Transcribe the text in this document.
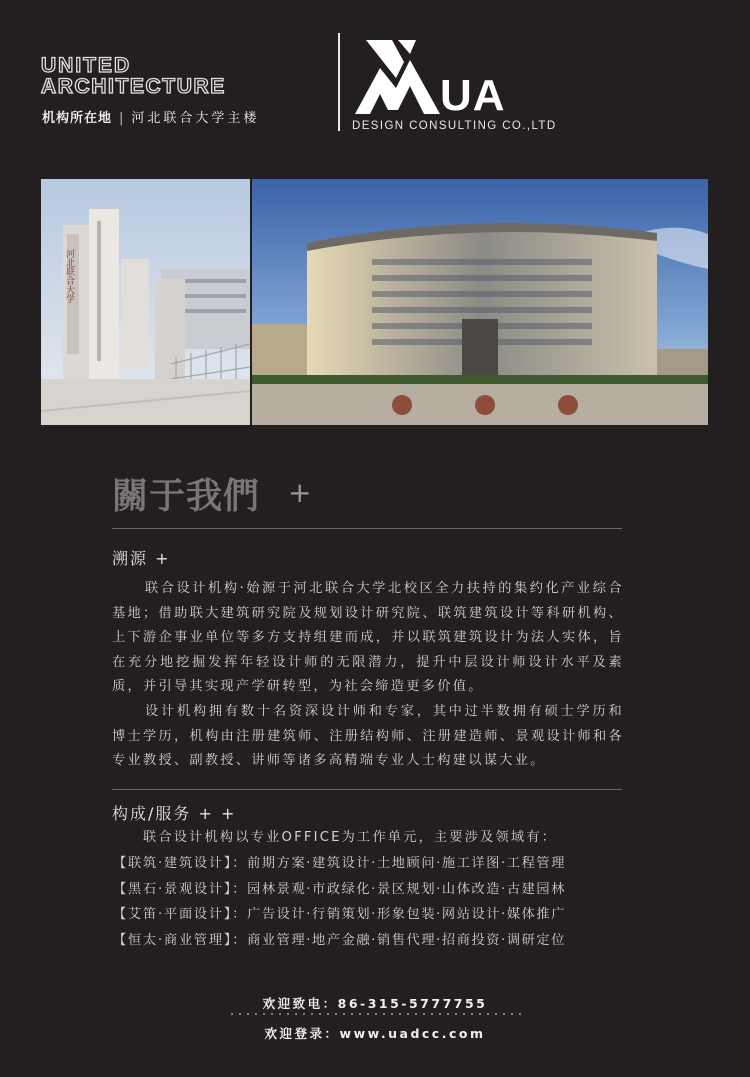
UNITED
ARCHITECTURE
机构所在地 | 河北联合大学主楼	UA
DESIGN CONSULTING CO.,LTD
河北联合大学
關于我們 +
溯源 +

联合设计机构·始源于河北联合大学北校区全力扶持的集约化产业综合基地；借助联大建筑研究院及规划设计研究院、联筑建筑设计等科研机构、上下游企事业单位等多方支持组建而成，并以联筑建筑设计为法人实体，旨在充分地挖掘发挥年轻设计师的无限潜力，提升中层设计师设计水平及素质，并引导其实现产学研转型，为社会缔造更多价值。

设计机构拥有数十名资深设计师和专家，其中过半数拥有硕士学历和博士学历，机构由注册建筑师、注册结构师、注册建造师、景观设计师和各专业教授、副教授、讲师等诸多高精端专业人士构建以谋大业。

构成/服务 + +
联合设计机构以专业OFFICE为工作单元，主要涉及领域有：
【联筑·建筑设计】：前期方案·建筑设计·土地顾问·施工详图·工程管理
【黑石·景观设计】：园林景观·市政绿化·景区规划·山体改造·古建园林
【艾笛·平面设计】：广告设计·行销策划·形象包装·网站设计·媒体推广
【恒太·商业管理】：商业管理·地产金融·销售代理·招商投资·调研定位
欢迎致电：86-315-5777755
欢迎登录：www.uadcc.com
